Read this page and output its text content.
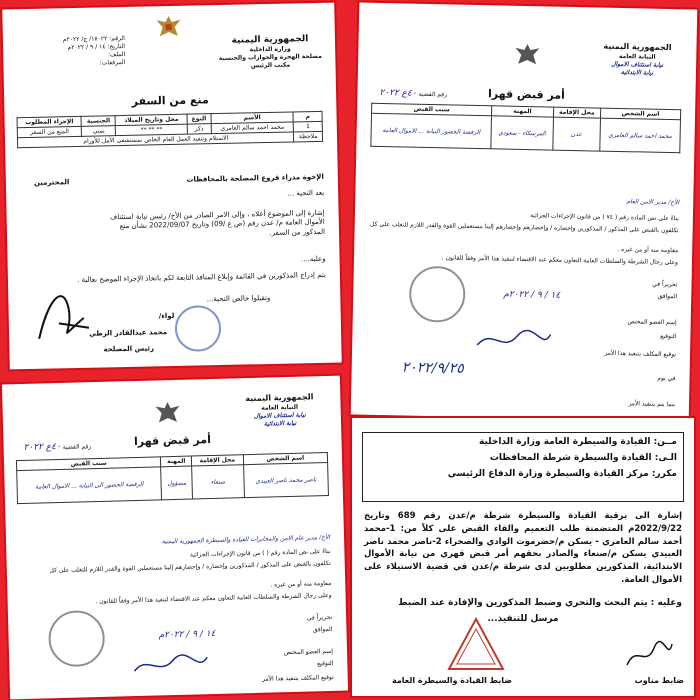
الجمهورية اليمنية
وزارة الداخلية
مصلحة الهجرة والجوازات والجنسية
مكتب الرئيس
الرقم: ١٧٠٢٢/ ج/ ٢٠٢٢م
التاريخ: ١٤ / ٩ / ٢٠٢٢م
الملف:
المرفقات:
منع من السفر
م	الأسم	النوع	محل وتاريخ الميلاد	الجنسية	الإجراء المطلوب
1	محمد احمد سالم العامري	ذكر	** ** **	يمني	المنع من السفر
ملاحظة	الاستلام وتنفيذ العمل العام الخاص بمستشفى الأمل للأورام				
الإخوة مدراء فروع المصلحة بالمحافظات
المحترمين
بعد التحية ...
إشارة إلى الموضوع أعلاه ، وإلى الامر الصادر من الأخ/ رئيس نيابة استئناف الأموال العامة م/ عدن رقم (ص ع /09) وتاريخ 2022/09/07 بشأن منع المذكور من السفر.
وعليه....
يتم إدراج المذكورين في القائمة وإبلاغ المنافذ التابعة لكم باتخاذ الإجراء الموضح بعالية .
وتقبلوا خالص التحية...
لواء/
محمد عبدالقادر الرطي
رئيس المصلحة
الجمهورية اليمنية
النيابة العامة
نيابة استئناف الاموال
نيابة الابتدائية
أمر قبض قهرا
رقم القضية ٤٠ع ٢٠٢٢
اسم الشخص	محل الإقامة	المهنة	سبب القبض
محمد احمد سالم العامري	عدن	المرسكاء - سعودي	الرفضة الحضور النيابة ... الاموال العامة
الأخ/ مدير الامن العام
بناءً على نص المادة رقم ( ٧٤ ) من قانون الإجراءات الجزائية
تكلفون بالقبض على المذكور / المذكورين وإحضاره / وإحضارهم وإحضارهم إلينا مستعملين القوة والقدر اللازم للتغلب على كل
مقاومة منه أو من غيره .
وعلى رجال الشرطة والسلطات العامة التعاون معكم عند الاقتضاء لتنفيذ هذا الأمر وفقاً للقانون .
تحريراً في
الموافق
١٤ / ٩ / ٢٠٢٢م
إسم العضو المختص
التوقيع
توقيع المكلف بتنفيذ هذا الأمر
في يوم
٢٠٢٢/٩/٢٥
مما يتم بتنفيذ الأمر
الجمهورية اليمنية
النيابة العامة
نيابة استئناف الاموال
نيابة الابتدائية
أمر قبض قهرا
رقم القضية ٤٠ع ٢٠٢٢
اسم الشخص	محل الإقامة	المهنة	سبب القبض
ناصر محمد ناصر العبيدي	صنعاء	مسؤول	الرفضة الحضور الى النيابة ... الاموال العامة
الأخ/ مدير عام الامن والمخابرات القيادة والسيطرة الجمهورية اليمنية
بناءً على نص المادة رقم ( ) من قانون الإجراءات الجزائية
تكلفون بالقبض على المذكور / المذكورين وإحضاره / وإحضارهم إلينا مستعملين القوة والقدر اللازم للتغلب على كل
مقاومة منه أو من غيره .
وعلى رجال الشرطة والسلطات العامة التعاون معكم عند الاقتضاء لتنفيذ هذا الأمر وفقاً للقانون .
تحريراً في
الموافق
١٤ / ٩ / ٢٠٢٢م
إسم العضو المختص
التوقيع
توقيع المكلف بتنفيذ هذا الأمر
مــن: القيادة والسيطرة العامة وزارة الداخلية
الـى: القيادة والسيطرة شرطة المحافظات
مكرر: مركز القيادة والسيطرة وزارة الدفاع الرئيسي
إشارة الى برقية القيادة والسيطرة شرطة م/عدن رقم 689 وتاريخ 2022/9/22م المتضمنة طلب التعميم والقاء القبض على كلاً من: 1-محمد أحمد سالم العامري - يسكن م/حضرموت الوادي والصحراء 2-ناصر محمد ناصر العبيدي يسكن م/صنعاء والصادر بحقهم أمر قبض قهري من نيابة الأموال الابتدائية، المذكورين مطلوبين لدى شرطة م/عدن في قضية الاستيلاء على الأموال العامة.
وعليه : يتم البحث والتحري وضبط المذكورين والإفادة عند الضبط
مرسل للتنفيذ...
ضابط القيادة والسيطرة العامة	ضابط مناوب
